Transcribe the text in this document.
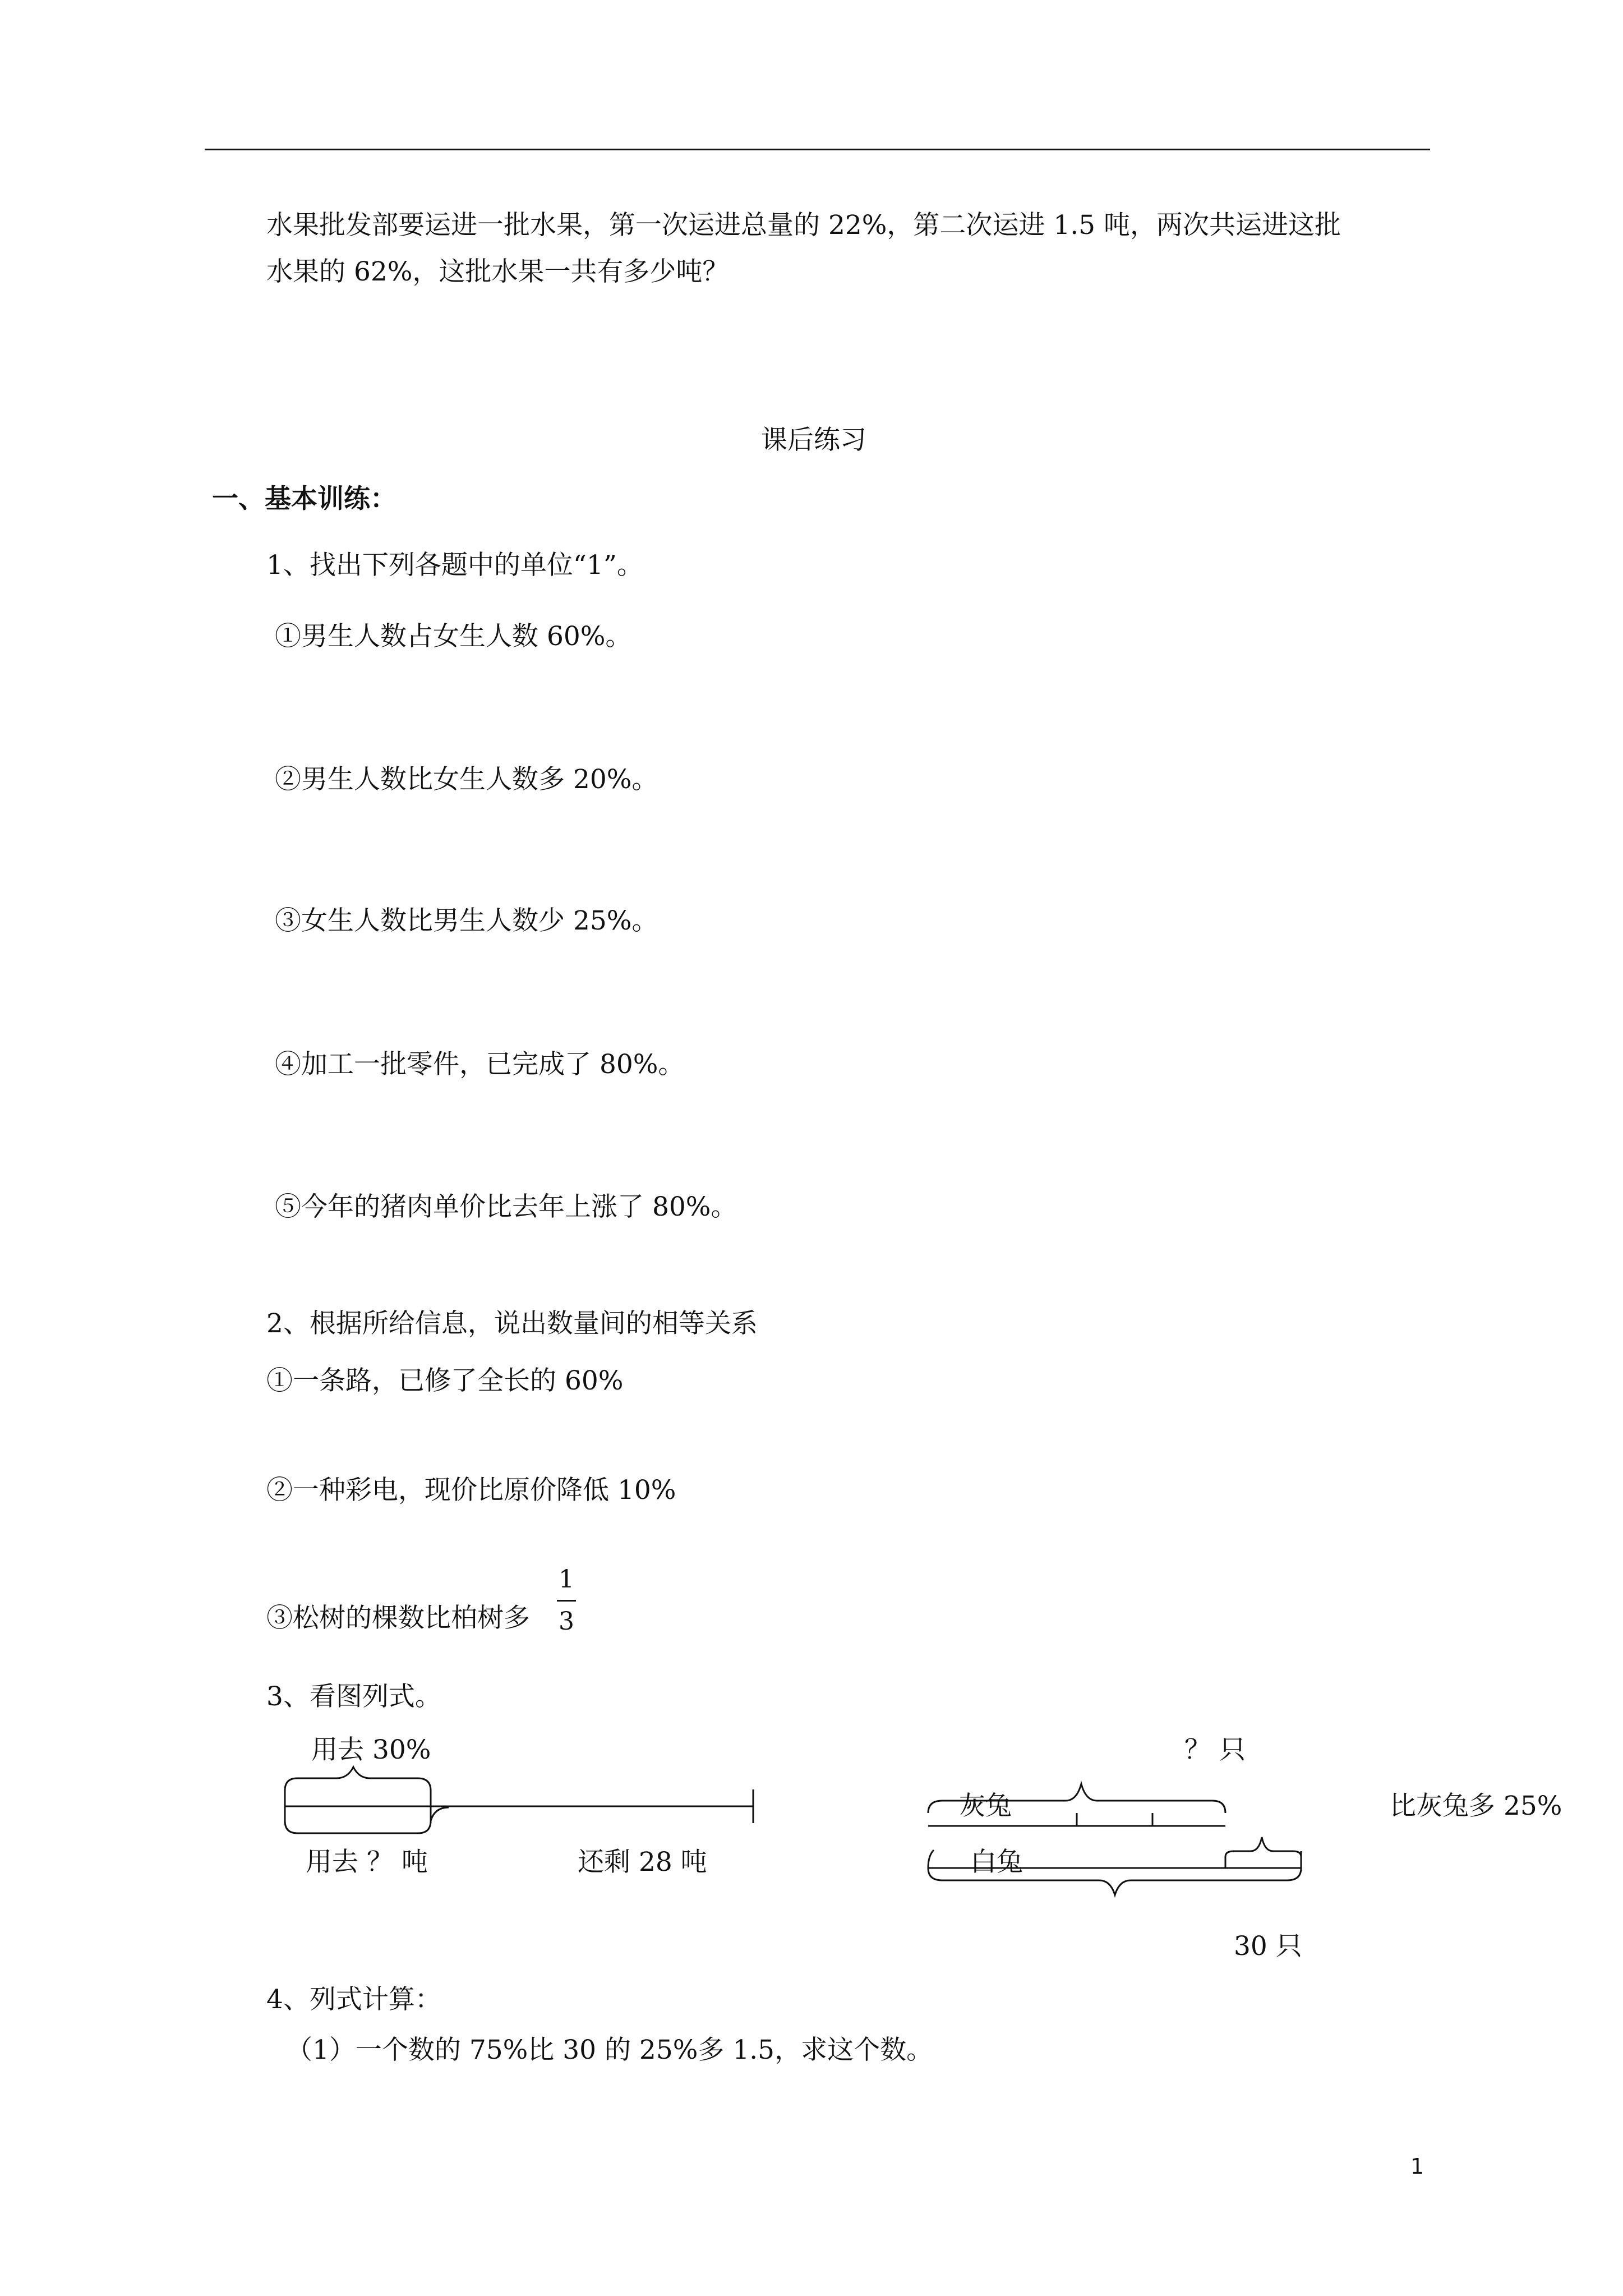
水果批发部要运进一批水果，第一次运进总量的 22%，第二次运进 1.5 吨，两次共运进这批
水果的 62%，这批水果一共有多少吨？
课后练习
一、基本训练：
1、找出下列各题中的单位“1”。
①男生人数占女生人数 60%。
②男生人数比女生人数多 20%。
③女生人数比男生人数少 25%。
④加工一批零件，已完成了 80%。
⑤今年的猪肉单价比去年上涨了 80%。
2、根据所给信息，说出数量间的相等关系
①一条路，已修了全长的 60%
②一种彩电，现价比原价降低 10%
③松树的棵数比柏树多
1
3
3、看图列式。
用去 30%
用去 ？ 吨	还剩 28 吨
？ 只
灰兔
白兔
比灰兔多 25%
30 只
4、列式计算：
（1）一个数的 75%比 30 的 25%多 1.5，求这个数。
1
